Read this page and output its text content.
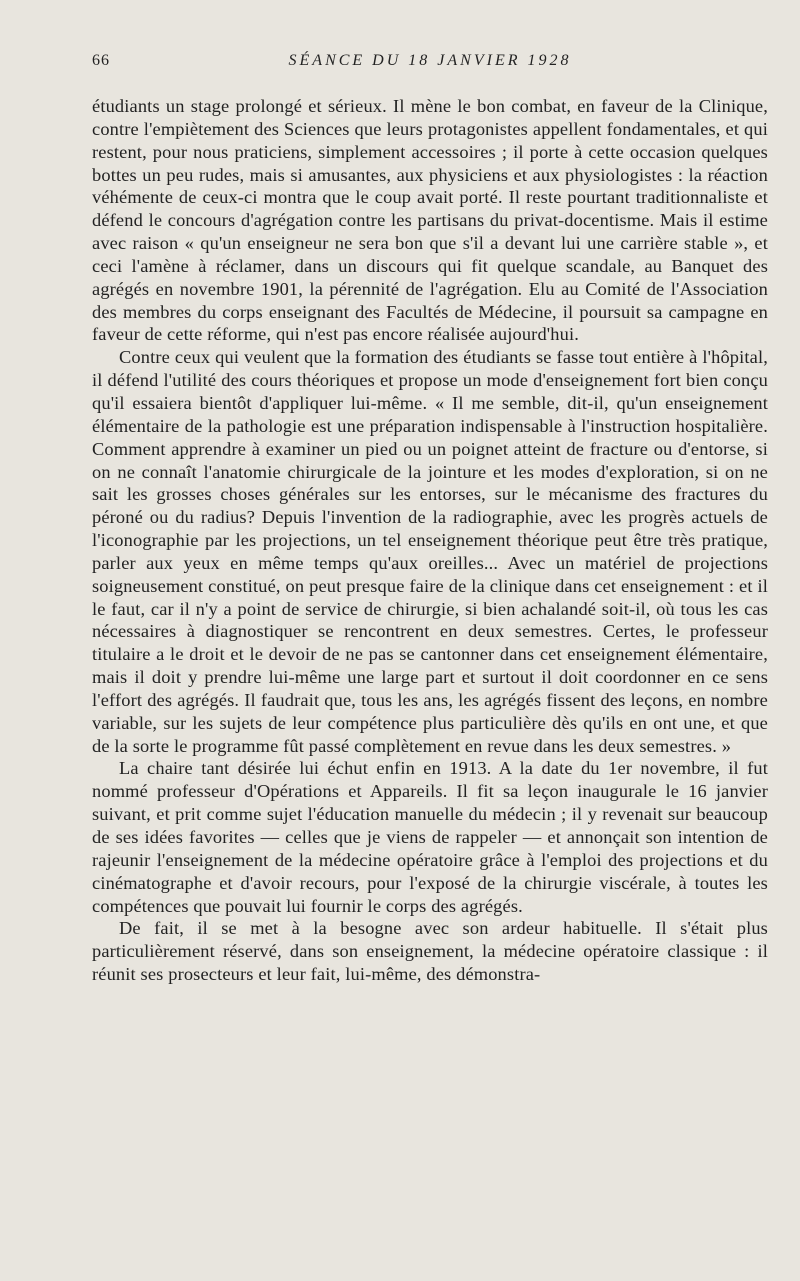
66	SÉANCE DU 18 JANVIER 1928

étudiants un stage prolongé et sérieux. Il mène le bon combat, en faveur de la Clinique, contre l'empiètement des Sciences que leurs protagonistes appellent fondamentales, et qui restent, pour nous praticiens, simplement accessoires ; il porte à cette occasion quelques bottes un peu rudes, mais si amusantes, aux physiciens et aux physiologistes : la réaction véhémente de ceux-ci montra que le coup avait porté. Il reste pourtant traditionnaliste et défend le concours d'agrégation contre les partisans du privat-docentisme. Mais il estime avec raison « qu'un enseigneur ne sera bon que s'il a devant lui une carrière stable », et ceci l'amène à réclamer, dans un discours qui fit quelque scandale, au Banquet des agrégés en novembre 1901, la pérennité de l'agrégation. Elu au Comité de l'Association des membres du corps enseignant des Facultés de Médecine, il poursuit sa campagne en faveur de cette réforme, qui n'est pas encore réalisée aujourd'hui.

Contre ceux qui veulent que la formation des étudiants se fasse tout entière à l'hôpital, il défend l'utilité des cours théoriques et propose un mode d'enseignement fort bien conçu qu'il essaiera bientôt d'appliquer lui-même. « Il me semble, dit-il, qu'un enseignement élémentaire de la pathologie est une préparation indispensable à l'instruction hospitalière. Comment apprendre à examiner un pied ou un poignet atteint de fracture ou d'entorse, si on ne connaît l'anatomie chirurgicale de la jointure et les modes d'exploration, si on ne sait les grosses choses générales sur les entorses, sur le mécanisme des fractures du péroné ou du radius? Depuis l'invention de la radiographie, avec les progrès actuels de l'iconographie par les projections, un tel enseignement théorique peut être très pratique, parler aux yeux en même temps qu'aux oreilles... Avec un matériel de projections soigneusement constitué, on peut presque faire de la clinique dans cet enseignement : et il le faut, car il n'y a point de service de chirurgie, si bien achalandé soit-il, où tous les cas nécessaires à diagnostiquer se rencontrent en deux semestres. Certes, le professeur titulaire a le droit et le devoir de ne pas se cantonner dans cet enseignement élémentaire, mais il doit y prendre lui-même une large part et surtout il doit coordonner en ce sens l'effort des agrégés. Il faudrait que, tous les ans, les agrégés fissent des leçons, en nombre variable, sur les sujets de leur compétence plus particulière dès qu'ils en ont une, et que de la sorte le programme fût passé complètement en revue dans les deux semestres. »

La chaire tant désirée lui échut enfin en 1913. A la date du 1er novembre, il fut nommé professeur d'Opérations et Appareils. Il fit sa leçon inaugurale le 16 janvier suivant, et prit comme sujet l'éducation manuelle du médecin ; il y revenait sur beaucoup de ses idées favorites — celles que je viens de rappeler — et annonçait son intention de rajeunir l'enseignement de la médecine opératoire grâce à l'emploi des projections et du cinématographe et d'avoir recours, pour l'exposé de la chirurgie viscérale, à toutes les compétences que pouvait lui fournir le corps des agrégés.

De fait, il se met à la besogne avec son ardeur habituelle. Il s'était plus particulièrement réservé, dans son enseignement, la médecine opératoire classique : il réunit ses prosecteurs et leur fait, lui-même, des démonstra-
